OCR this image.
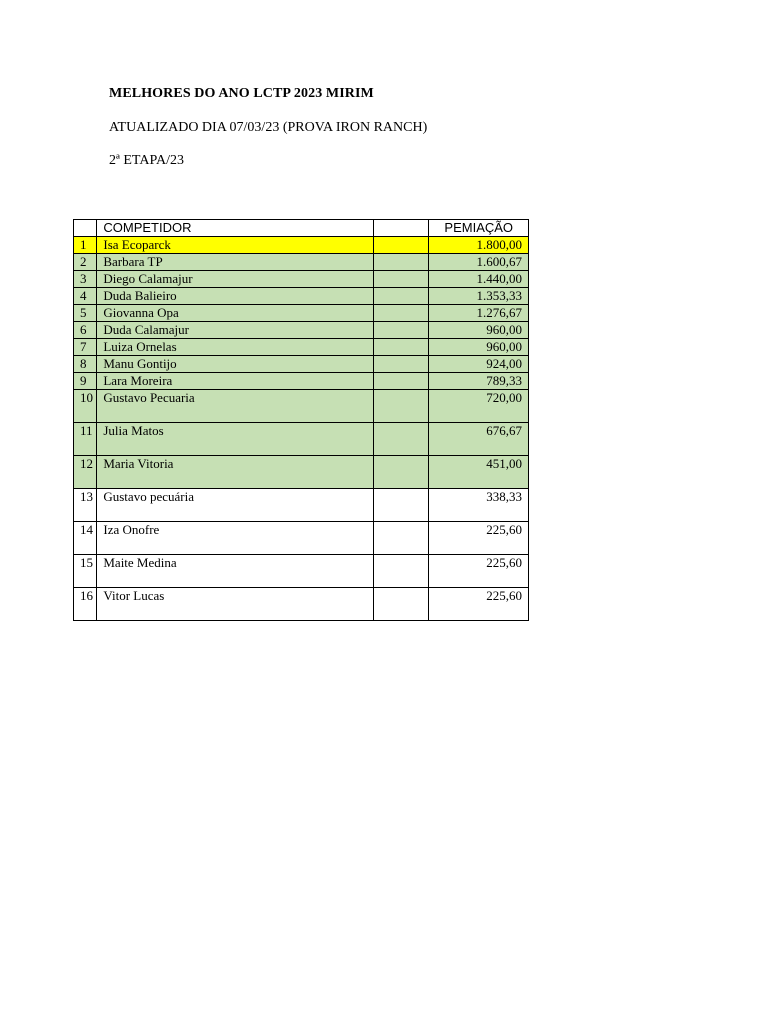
MELHORES DO ANO LCTP 2023 MIRIM
ATUALIZADO DIA 07/03/23 (PROVA IRON RANCH)
2ª ETAPA/23
	COMPETIDOR		PEMIAÇÃO
1	Isa Ecoparck		1.800,00
2	Barbara TP		1.600,67
3	Diego Calamajur		1.440,00
4	Duda Balieiro		1.353,33
5	Giovanna Opa		1.276,67
6	Duda Calamajur		960,00
7	Luiza Ornelas		960,00
8	Manu Gontijo		924,00
9	Lara Moreira		789,33
10	Gustavo Pecuaria		720,00
11	Julia Matos		676,67
12	Maria Vitoria		451,00
13	Gustavo pecuária		338,33
14	Iza Onofre		225,60
15	Maite Medina		225,60
16	Vitor Lucas		225,60
